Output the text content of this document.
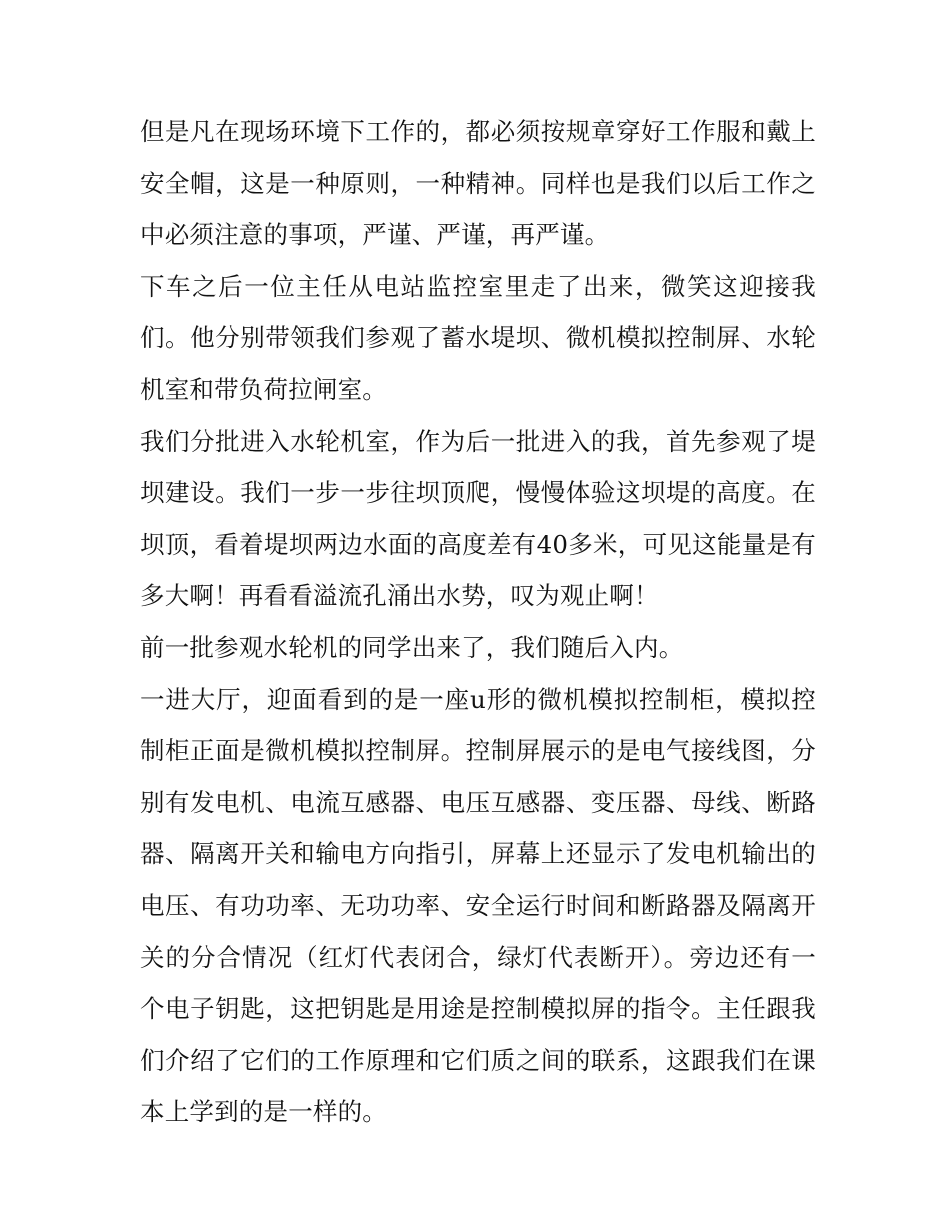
但是凡在现场环境下工作的，都必须按规章穿好工作服和戴上安全帽，这是一种原则，一种精神。同样也是我们以后工作之中必须注意的事项，严谨、严谨，再严谨。

下车之后一位主任从电站监控室里走了出来，微笑这迎接我们。他分别带领我们参观了蓄水堤坝、微机模拟控制屏、水轮机室和带负荷拉闸室。

我们分批进入水轮机室，作为后一批进入的我，首先参观了堤坝建设。我们一步一步往坝顶爬，慢慢体验这坝堤的高度。在坝顶，看着堤坝两边水面的高度差有40多米，可见这能量是有多大啊！再看看溢流孔涌出水势，叹为观止啊！

前一批参观水轮机的同学出来了，我们随后入内。

一进大厅，迎面看到的是一座u形的微机模拟控制柜，模拟控制柜正面是微机模拟控制屏。控制屏展示的是电气接线图，分别有发电机、电流互感器、电压互感器、变压器、母线、断路器、隔离开关和输电方向指引，屏幕上还显示了发电机输出的电压、有功功率、无功功率、安全运行时间和断路器及隔离开关的分合情况（红灯代表闭合，绿灯代表断开）。旁边还有一个电子钥匙，这把钥匙是用途是控制模拟屏的指令。主任跟我们介绍了它们的工作原理和它们质之间的联系，这跟我们在课本上学到的是一样的。
